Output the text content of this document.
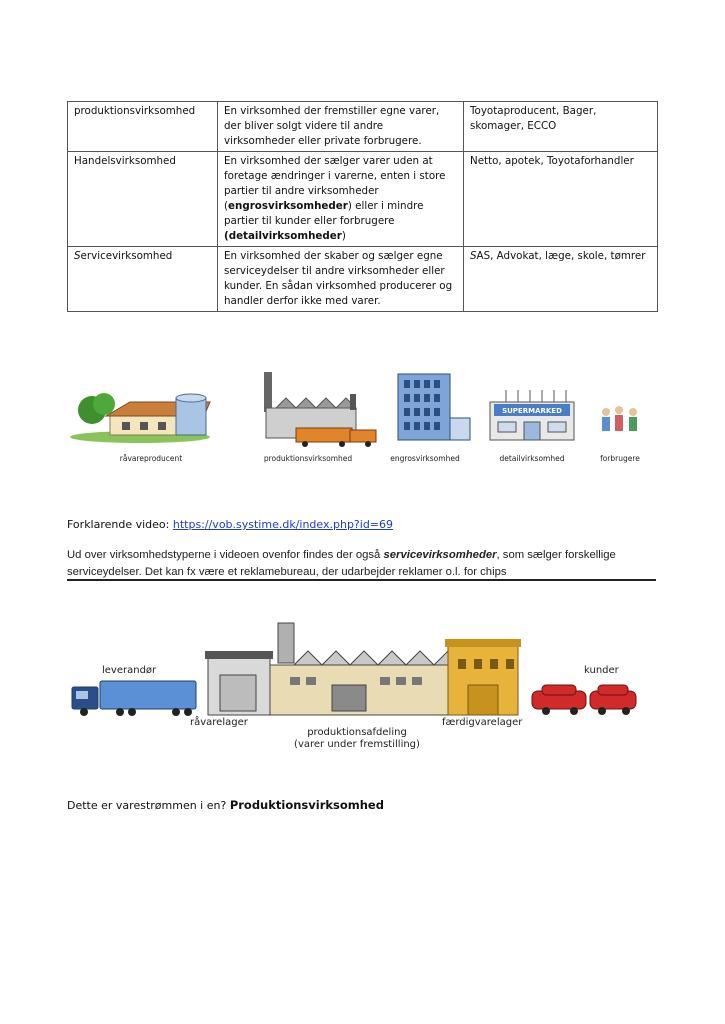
produktionsvirksomhed	En virksomhed der fremstiller egne varer, der bliver solgt videre til andre virksomheder eller private forbrugere.	Toyotaproducent, Bager, skomager, ECCO
Handelsvirksomhed	En virksomhed der sælger varer uden at foretage ændringer i varerne, enten i store partier til andre virksomheder (engrosvirksomheder) eller i mindre partier til kunder eller forbrugere (detailvirksomheder)	Netto, apotek, Toyotaforhandler
Servicevirksomhed	En virksomhed der skaber og sælger egne serviceydelser til andre virksomheder eller kunder. En sådan virksomhed producerer og handler derfor ikke med varer.	SAS, Advokat, læge, skole, tømrer
SUPERMARKED
råvareproducent	produktionsvirksomhed	engrosvirksomhed	detailvirksomhed	forbrugere
Forklarende video: https://vob.systime.dk/index.php?id=69
Ud over virksomhedstyperne i videoen ovenfor findes der også servicevirksomheder, som sælger forskellige serviceydelser. Det kan fx være et reklamebureau, der udarbejder reklamer o.l. for chips
leverandør
råvarelager
produktionsafdeling
(varer under fremstilling)
færdigvarelager
kunder
Dette er varestrømmen i en? Produktionsvirksomhed
